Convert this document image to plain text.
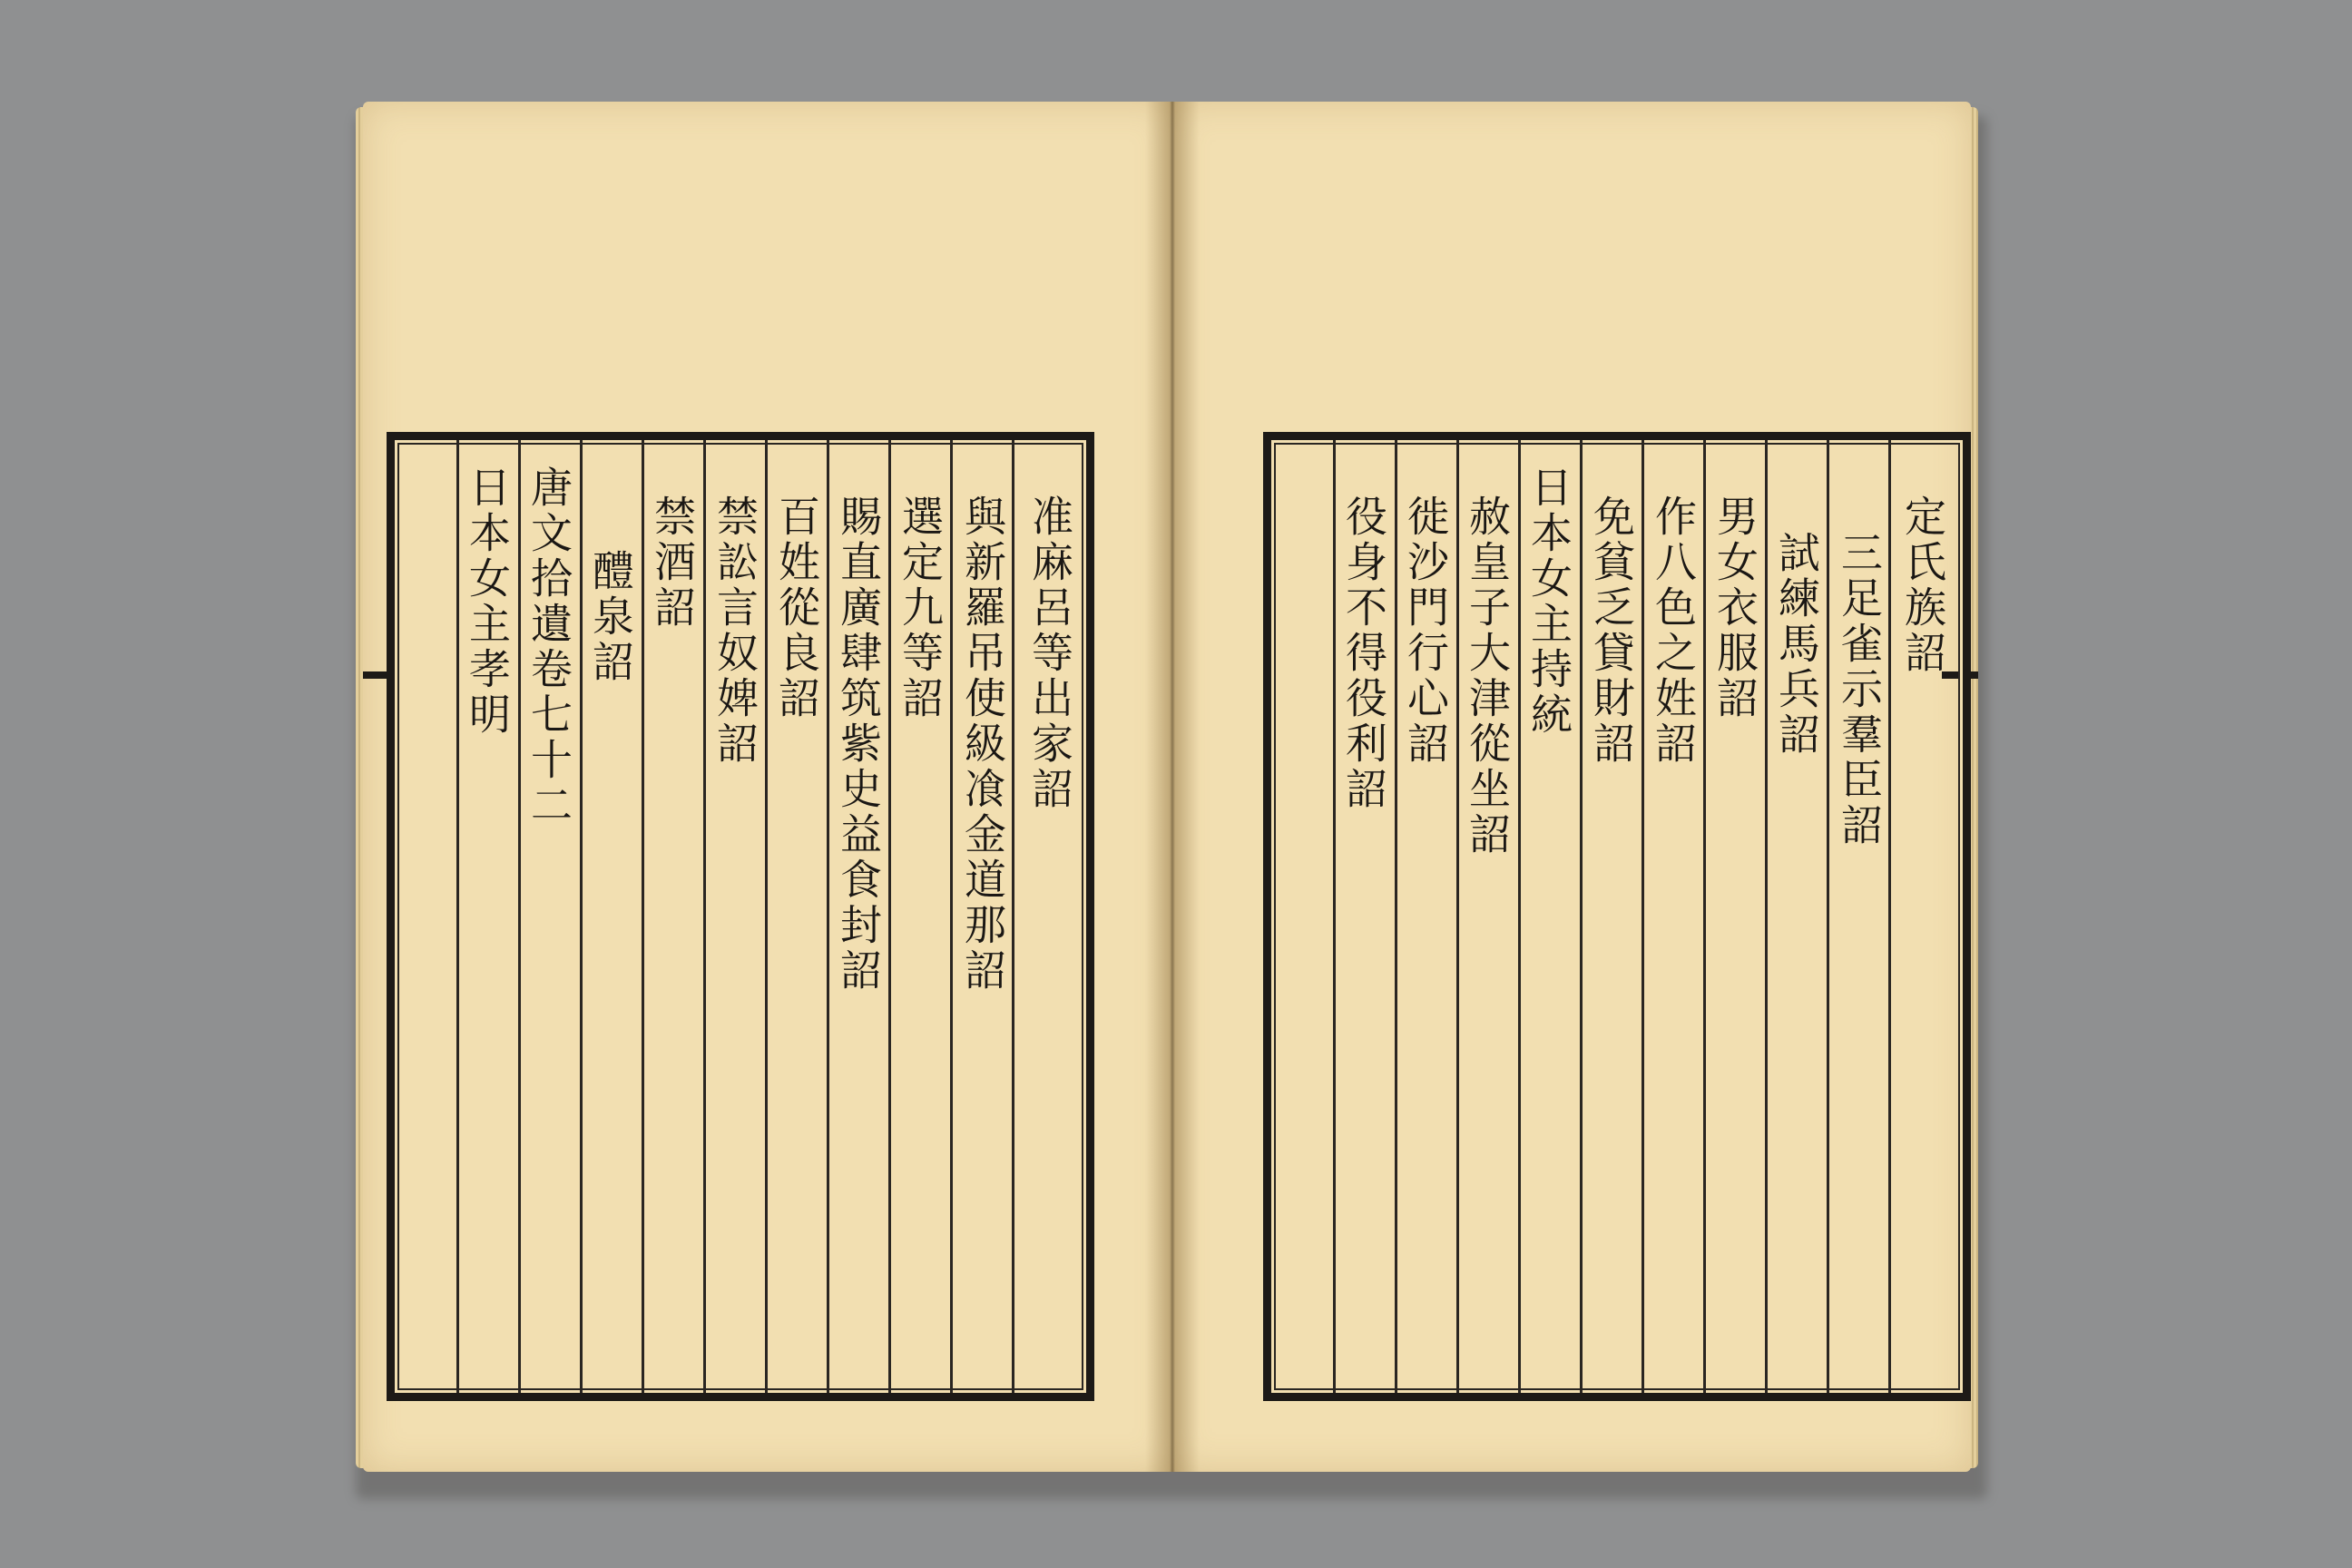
准麻呂等出家詔
與新羅吊使級飡金道那詔
選定九等詔
賜直廣肆筑紫史益食封詔
百姓從良詔
禁訟言奴婢詔
禁酒詔
醴泉詔
唐文拾遺卷七十二
日本女主孝明	定氏族詔
三足雀示羣臣詔
試練馬兵詔
男女衣服詔
作八色之姓詔
免貧乏貸財詔
日本女主持統
赦皇子大津從坐詔
徙沙門行心詔
役身不得役利詔
